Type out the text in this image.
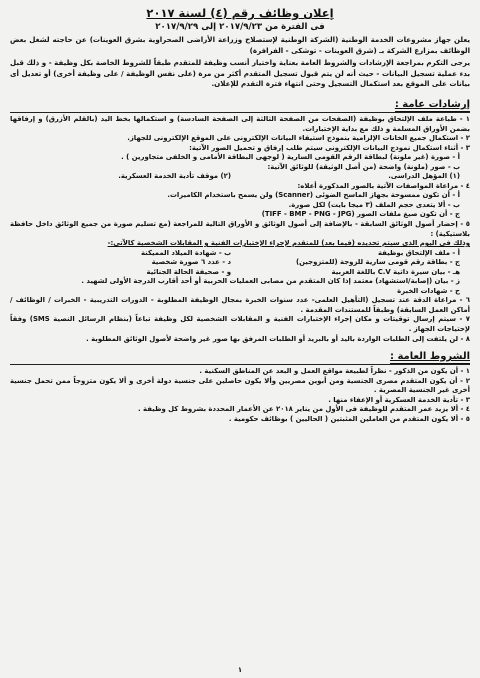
إعلان وظائف رقم (٤) لسنة ٢٠١٧
فى الفترة من ٢٠١٧/٩/٢٣ إلى ٢٠١٧/٩/٢٩

يعلن جهاز مشروعات الخدمة الوطنية (الشركة الوطنية لإستصلاح وزراعة الأراضى الصحراوية بشرق العوينات) عن حاجته لشغل بعض الوظائف بمزارع الشركة بـ (شرق العوينات - توشكى - الفرافرة)

يرجى التكرم بمراجعة الإرشادات والشروط العامة بعناية واختيار أنسب وظيفة للمتقدم طبقاً للشروط الخاصة بكل وظيفة - و ذلك قبل بدء عملية تسجيل البيانات - حيث أنه لن يتم قبول تسجيل المتقدم أكثر من مرة (على نفس الوظيفة / على وظيفة أخرى) أو تعديل أى بيانات على الموقع بعد استكمال التسجيل وحتى انتهاء فترة التقدم للإعلان.

إرشادات عامة :

١ - طباعة ملف الإلتحاق بوظيفة (الصفحات من الصفحة الثالثة إلى الصفحة السادسة) و استكمالها بخط اليد (بالقلم الأزرق) و إرفاقها بضمن الأوراق المسلمة و ذلك مع بداية الإختبارات.

٢ - استكمال جميع الخانات الإلزامية بنموذج استيفاء البيانات الإلكترونى على الموقع الإلكترونى للجهاز.

٣ - أثناء استكمال نموذج البيانات الإلكترونى سيتم طلب إرفاق و تحميل الصور الآتية:

أ - صورة (غير ملونة) لبطاقة الرقم القومى السارية ( لوجهى البطاقة الأمامى و الخلفى متجاورين ) .

ب - صور (ملونة) واضحة (من أصل الوثيقة) للوثائق الآتية:

(١) المؤهل الدراسى.
(٢) موقف تأدية الخدمة العسكرية.

٤ - مراعاة المواصفات الآتية بالصور المذكورة أعلاه:

أ - أن تكون ممسوحة بجهاز الماسح الضوئى (Scanner) ولن يسمح باستخدام الكاميرات.

ب - ألا يتعدى حجم الملف (٣ ميجا بايت) لكل صورة.

ج - أن تكون صيغ ملفات الصور (TIFF - BMP - PNG - JPG)

٥ - إحضار أصول الوثائق السابقة - بالإضافة إلى أصول الوثائق و الأوراق التالية للمراجعة (مع تسليم صورة من جميع الوثائق داخل حافظة بلاستيكية) :

وذلك فى اليوم الذى سيتم تحديده (فيما بعد) للمتقدم لإجراء الإختبارات الفنية و المقابلات الشخصية كالآتى:-

أ - ملف الإلتحاق بوظيفة
ب - شهادة الميلاد المميكنة
ج - بطاقة رقم قومى سارية للزوجة (للمتزوجين)
د - عدد ٦ صورة شخصية
هـ - بيان سيرة ذاتية C.V باللغة العربية
و - صحيفة الحالة الجنائية

ز - بيان (إصابة/استشهاد) معتمد إذا كان المتقدم من مصابى العمليات الحربية أو أحد أقارب الدرجة الأولى لشهيد .

ح - شهادات الخبرة

٦ - مراعاة الدقة عند تسجيل (التأهيل العلمى- عدد سنوات الخبرة بمجال الوظيفة المطلوبة - الدورات التدريبية - الخبرات / الوظائف / أماكن العمل السابقة) وطبقاً للمستندات المقدمة .

٧ - سيتم إرسال توقيتات و مكان إجراء الإختبارات الفنية و المقابلات الشخصية لكل وظيفة تباعاً (بنظام الرسائل النصية SMS) وفقاً لإحتياجات الجهاز .

٨ - لن يلتفت إلى الطلبات الواردة باليد أو بالبريد أو الطلبات المرفق بها صور غير واضحة لأصول الوثائق المطلوبة .

الشروط العامة :

١ - أن يكون من الذكور - نظراً لطبيعة مواقع العمل و البعد عن المناطق السكنية .

٢ - أن يكون المتقدم مصرى الجنسية ومن أبوين مصريين وألا يكون حاصلين على جنسية دولة أخرى و ألا يكون متزوجاً ممن تحمل جنسية أخرى غير الجنسية المصرية .

٣ - تأدية الخدمة العسكرية أو الإعفاء منها .

٤ - ألا يزيد عمر المتقدم للوظيفة فى الأول من يناير ٢٠١٨ عن الأعمار المحددة بشروط كل وظيفة .

٥ - ألا يكون المتقدم من العاملين المثبتين ( الحاليين ) بوظائف حكومية .

١
